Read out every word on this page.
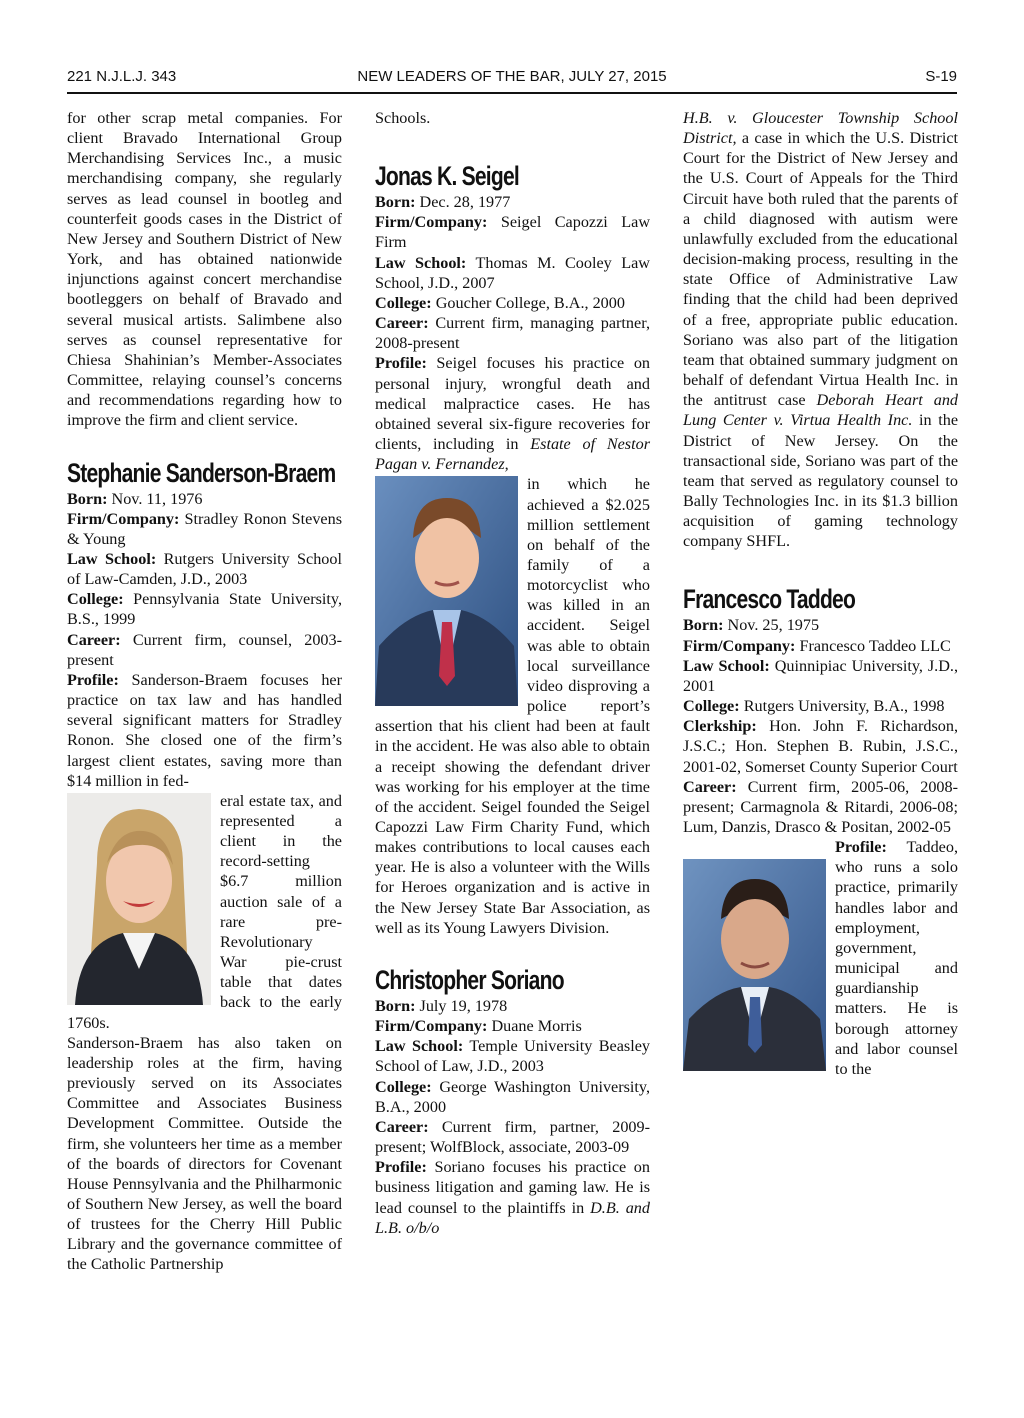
221 N.J.L.J. 343	NEW LEADERS OF THE BAR, JULY 27, 2015	S-19

for other scrap metal companies. For client Bravado International Group Merchandising Services Inc., a music merchandising company, she regularly serves as lead counsel in bootleg and counterfeit goods cases in the District of New Jersey and Southern District of New York, and has obtained nationwide injunctions against concert merchandise bootleggers on behalf of Bravado and several musical artists. Salimbene also serves as counsel representative for Chiesa Shahinian’s Member-Associates Committee, relaying counsel’s concerns and recommendations regarding how to improve the firm and client service.

Stephanie Sanderson-Braem

Born: Nov. 11, 1976

Firm/Company: Stradley Ronon Stevens & Young

Law School: Rutgers University School of Law-Camden, J.D., 2003

College: Pennsylvania State University, B.S., 1999

Career: Current firm, counsel, 2003-present

Profile: Sanderson-Braem focuses her practice on tax law and has handled several significant matters for Stradley Ronon. She closed one of the firm’s largest client estates, saving more than $14 million in fed-

eral estate tax, and represented a client in the record-setting $6.7 million auction sale of a rare pre-Revolutionary War pie-crust table that dates back to the early 1760s.

Sanderson-Braem has also taken on leadership roles at the firm, having previously served on its Associates Committee and Associates Business Development Committee. Outside the firm, she volunteers her time as a member of the boards of directors for Covenant House Pennsylvania and the Philharmonic of Southern New Jersey, as well the board of trustees for the Cherry Hill Public Library and the governance committee of the Catholic Partnership

Schools.

Jonas K. Seigel

Born: Dec. 28, 1977

Firm/Company: Seigel Capozzi Law Firm

Law School: Thomas M. Cooley Law School, J.D., 2007

College: Goucher College, B.A., 2000

Career: Current firm, managing partner, 2008-present

Profile: Seigel focuses his practice on personal injury, wrongful death and medical malpractice cases. He has obtained several six-figure recoveries for clients, including in Estate of Nestor Pagan v. Fernandez,

in which he achieved a $2.025 million settlement on behalf of the family of a motorcyclist who was killed in an accident. Seigel was able to obtain local surveillance video disproving a police report’s assertion that his client had been at fault in the accident. He was also able to obtain a receipt showing the defendant driver was working for his employer at the time of the accident. Seigel founded the Seigel Capozzi Law Firm Charity Fund, which makes contributions to local causes each year. He is also a volunteer with the Wills for Heroes organization and is active in the New Jersey State Bar Association, as well as its Young Lawyers Division.

Christopher Soriano

Born: July 19, 1978

Firm/Company: Duane Morris

Law School: Temple University Beasley School of Law, J.D., 2003

College: George Washington University, B.A., 2000

Career: Current firm, partner, 2009-present; WolfBlock, associate, 2003-09

Profile: Soriano focuses his practice on business litigation and gaming law. He is lead counsel to the plaintiffs in D.B. and L.B. o/b/o

H.B. v. Gloucester Township School District, a case in which the U.S. District Court for the District of New Jersey and the U.S. Court of Appeals for the Third Circuit have both ruled that the parents of a child diagnosed with autism were unlawfully excluded from the educational decision-making process, resulting in the state Office of Administrative Law finding that the child had been deprived of a free, appropriate public education. Soriano was also part of the litigation team that obtained summary judgment on behalf of defendant Virtua Health Inc. in the antitrust case Deborah Heart and Lung Center v. Virtua Health Inc. in the District of New Jersey. On the transactional side, Soriano was part of the team that served as regulatory counsel to Bally Technologies Inc. in its $1.3 billion acquisition of gaming technology company SHFL.

Francesco Taddeo

Born: Nov. 25, 1975

Firm/Company: Francesco Taddeo LLC

Law School: Quinnipiac University, J.D., 2001

College: Rutgers University, B.A., 1998

Clerkship: Hon. John F. Richardson, J.S.C.; Hon. Stephen B. Rubin, J.S.C., 2001-02, Somerset County Superior Court

Career: Current firm, 2005-06, 2008-present; Carmagnola & Ritardi, 2006-08; Lum, Danzis, Drasco & Positan, 2002-05

Profile: Taddeo, who runs a solo practice, primarily handles labor and employment, government, municipal and guardianship matters. He is borough attorney and labor counsel to the
